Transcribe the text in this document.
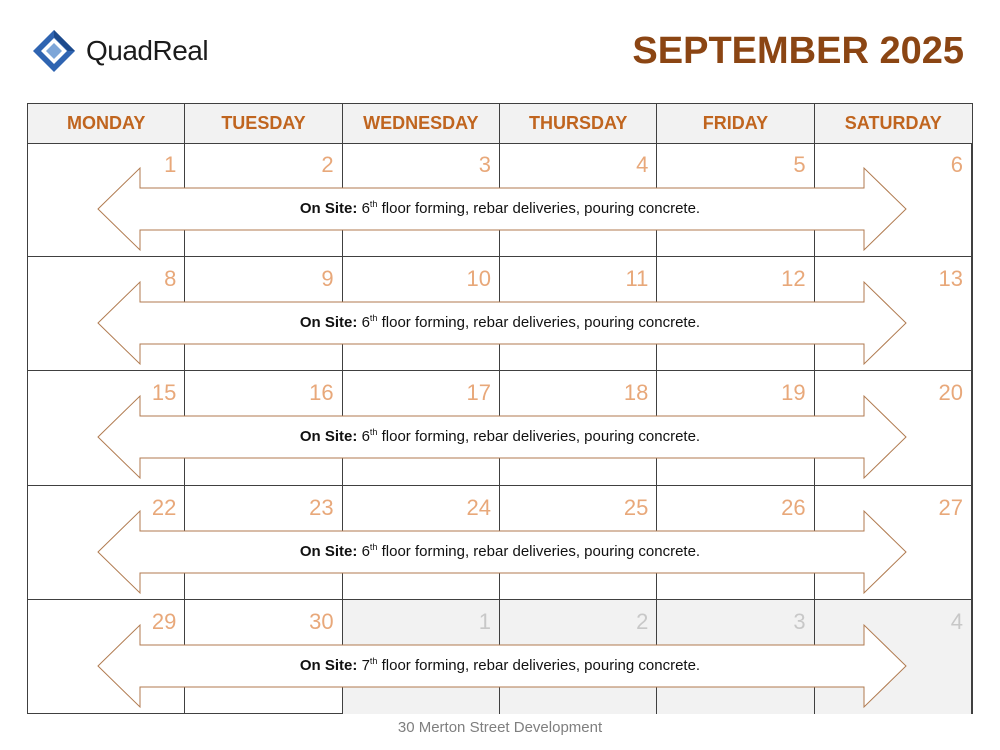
QuadReal	SEPTEMBER 2025
MONDAY	TUESDAY	WEDNESDAY	THURSDAY	FRIDAY	SATURDAY
1	2	3	4	5	6
On Site: 6th floor forming, rebar deliveries, pouring concrete.
8	9	10	11	12	13
On Site: 6th floor forming, rebar deliveries, pouring concrete.
15	16	17	18	19	20
On Site: 6th floor forming, rebar deliveries, pouring concrete.
22	23	24	25	26	27
On Site: 6th floor forming, rebar deliveries, pouring concrete.
29	30	1	2	3	4
On Site: 7th floor forming, rebar deliveries, pouring concrete.
30 Merton Street Development
